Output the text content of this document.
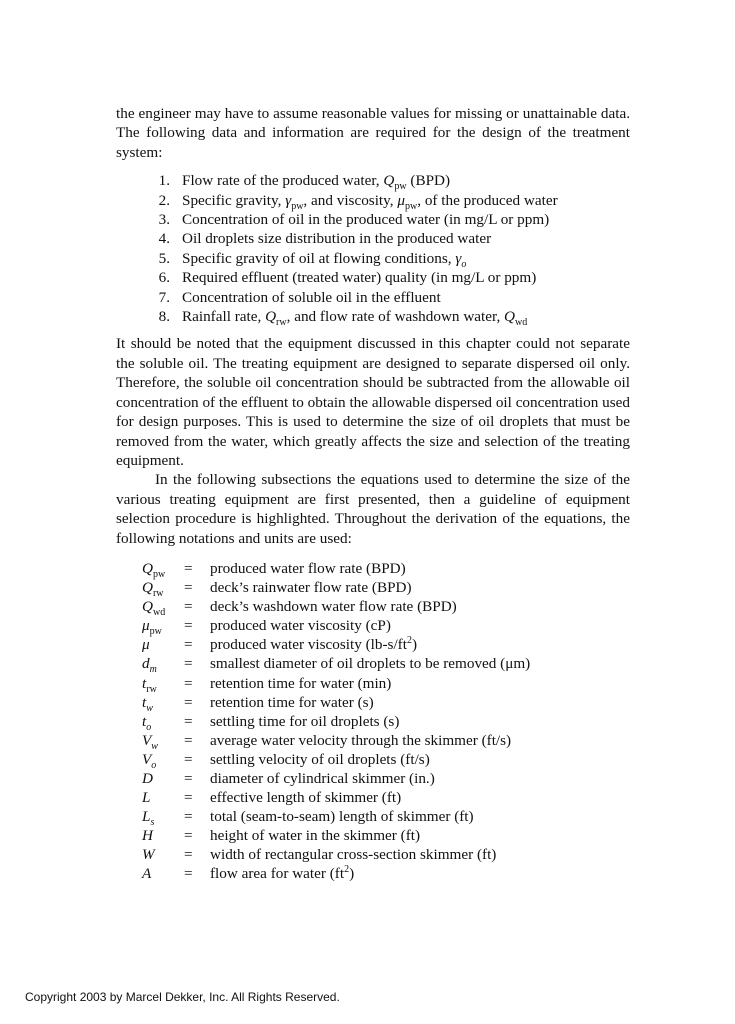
the engineer may have to assume reasonable values for missing or unattainable data. The following data and information are required for the design of the treatment system:

1. Flow rate of the produced water, $Q_{pw}$ (BPD)
2. Specific gravity, $\gamma_{pw}$, and viscosity, $\mu_{pw}$, of the produced water
3. Concentration of oil in the produced water (in mg/L or ppm)
4. Oil droplets size distribution in the produced water
5. Specific gravity of oil at flowing conditions, $\gamma_o$
6. Required effluent (treated water) quality (in mg/L or ppm)
7. Concentration of soluble oil in the effluent
8. Rainfall rate, $Q_{rw}$, and flow rate of washdown water, $Q_{wd}$

It should be noted that the equipment discussed in this chapter could not separate the soluble oil. The treating equipment are designed to separate dispersed oil only. Therefore, the soluble oil concentration should be subtracted from the allowable oil concentration of the effluent to obtain the allowable dispersed oil concentration used for design purposes. This is used to determine the size of oil droplets that must be removed from the water, which greatly affects the size and selection of the treating equipment.

In the following subsections the equations used to determine the size of the various treating equipment are first presented, then a guideline of equipment selection procedure is highlighted. Throughout the derivation of the equations, the following notations and units are used:

$Q_{pw}$	=	produced water flow rate (BPD)
$Q_{rw}$	=	deck’s rainwater flow rate (BPD)
$Q_{wd}$	=	deck’s washdown water flow rate (BPD)
$\mu_{pw}$	=	produced water viscosity (cP)
μ	=	produced water viscosity $(lb-s/ft^2)$
$d_m$	=	smallest diameter of oil droplets to be removed (μm)
$t_{rw}$	=	retention time for water (min)
$t_w$	=	retention time for water (s)
$t_o$	=	settling time for oil droplets (s)
$V_w$	=	average water velocity through the skimmer (ft/s)
$V_o$	=	settling velocity of oil droplets (ft/s)
D	=	diameter of cylindrical skimmer (in.)
L	=	effective length of skimmer (ft)
$L_s$	=	total (seam-to-seam) length of skimmer (ft)
H	=	height of water in the skimmer (ft)
W	=	width of rectangular cross-section skimmer (ft)
A	=	flow area for water $(ft^2)$
Copyright 2003 by Marcel Dekker, Inc. All Rights Reserved.
